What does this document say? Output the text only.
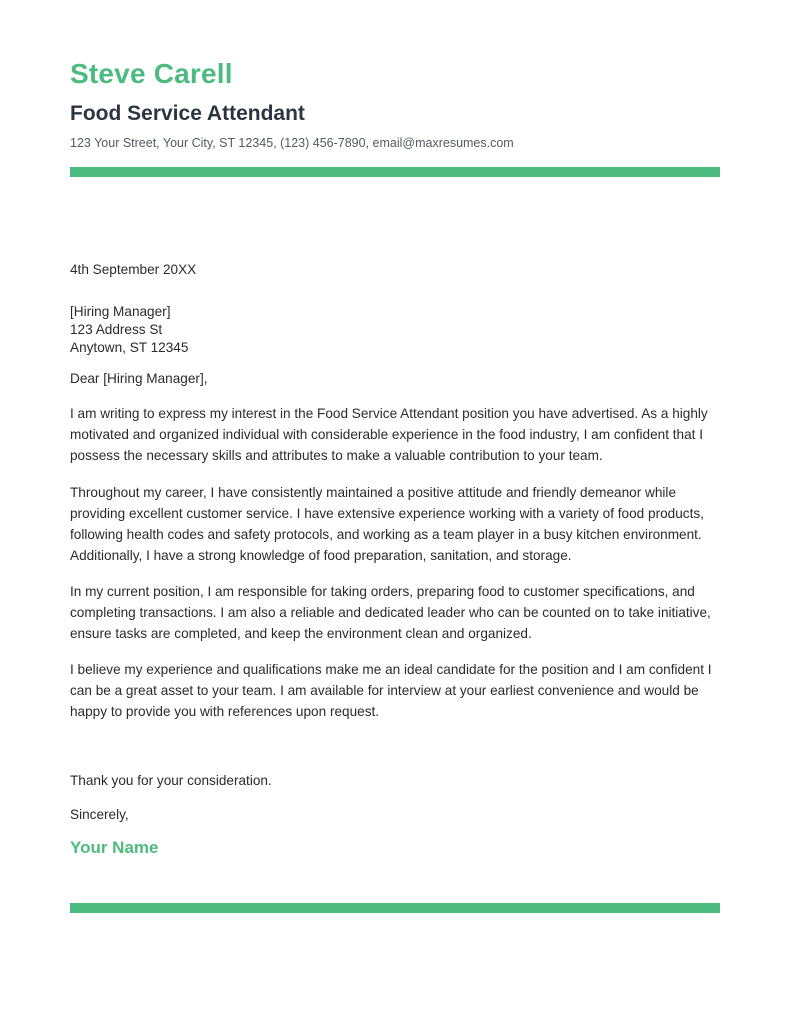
Steve Carell
Food Service Attendant
123 Your Street, Your City, ST 12345, (123) 456-7890, email@maxresumes.com
4th September 20XX
[Hiring Manager]
123 Address St
Anytown, ST 12345
Dear [Hiring Manager],
I am writing to express my interest in the Food Service Attendant position you have advertised. As a highly motivated and organized individual with considerable experience in the food industry, I am confident that I possess the necessary skills and attributes to make a valuable contribution to your team.
Throughout my career, I have consistently maintained a positive attitude and friendly demeanor while providing excellent customer service. I have extensive experience working with a variety of food products, following health codes and safety protocols, and working as a team player in a busy kitchen environment. Additionally, I have a strong knowledge of food preparation, sanitation, and storage.
In my current position, I am responsible for taking orders, preparing food to customer specifications, and completing transactions. I am also a reliable and dedicated leader who can be counted on to take initiative, ensure tasks are completed, and keep the environment clean and organized.
I believe my experience and qualifications make me an ideal candidate for the position and I am confident I can be a great asset to your team. I am available for interview at your earliest convenience and would be happy to provide you with references upon request.
Thank you for your consideration.
Sincerely,
Your Name
